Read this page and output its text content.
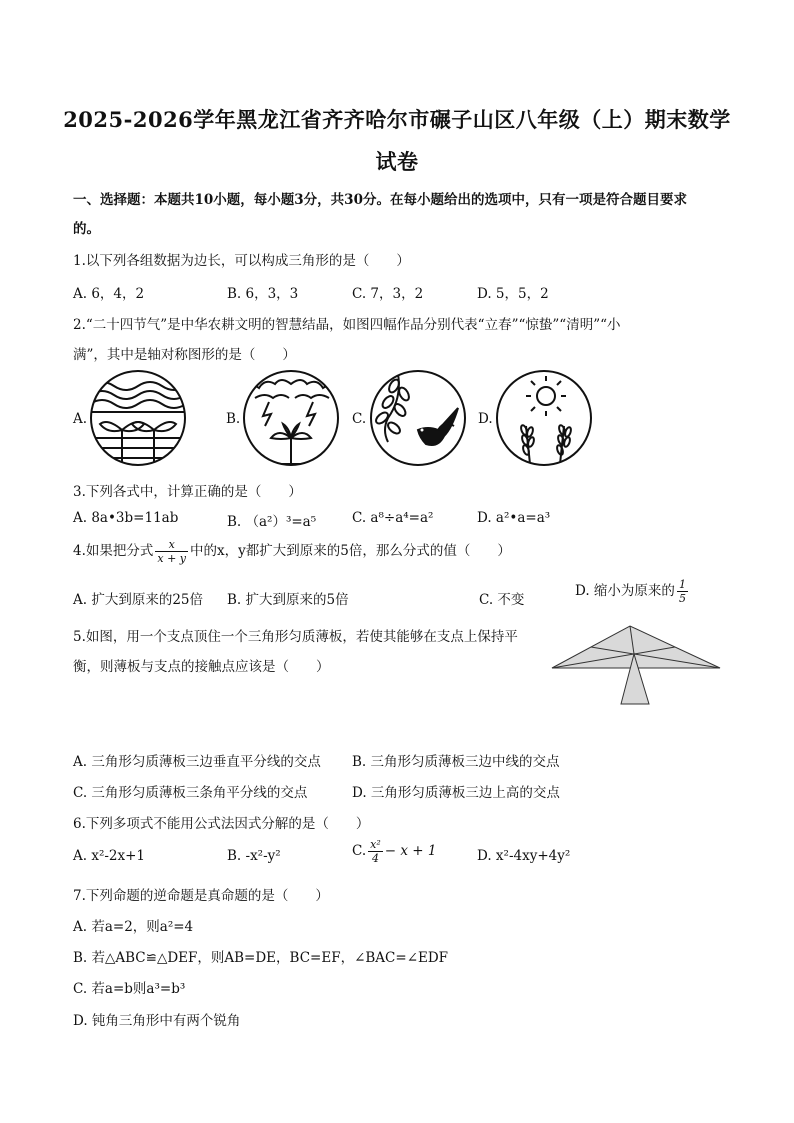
2025-2026学年黑龙江省齐齐哈尔市碾子山区八年级（上）期末数学
试卷
一、选择题：本题共10小题，每小题3分，共30分。在每小题给出的选项中，只有一项是符合题目要求
的。
1.以下列各组数据为边长，可以构成三角形的是（　　）
A. 6，4，2	B. 6，3，3	C. 7，3，2	D. 5，5，2
2.“二十四节气”是中华农耕文明的智慧结晶，如图四幅作品分别代表“立春”“惊蛰”“清明”“小
满”，其中是轴对称图形的是（　　）
A.	B.	C.	D.
3.下列各式中，计算正确的是（　　）
A. 8a•3b=11ab	B. （a²）³=a⁵	C. a⁸÷a⁴=a²	D. a²•a=a³
4.如果把分式 $\frac{x}{x + y}$ 中的x，y都扩大到原来的5倍，那么分式的值（　　）
A. 扩大到原来的25倍 B. 扩大到原来的5倍	C. 不变
D. 缩小为原来的 $\frac{1}{5}$
5.如图，用一个支点顶住一个三角形匀质薄板，若使其能够在支点上保持平
衡，则薄板与支点的接触点应该是（　　）
A. 三角形匀质薄板三边垂直平分线的交点 B. 三角形匀质薄板三边中线的交点
C. 三角形匀质薄板三条角平分线的交点	D. 三角形匀质薄板三边上高的交点
6.下列多项式不能用公式法因式分解的是（　　）
A. x²-2x+1	B. -x²-y²	C. $\frac{\text{x²}}{4} - x + 1$	D. x²-4xy+4y²
7.下列命题的逆命题是真命题的是（　　）
A. 若a=2，则a²=4
B. 若△ABC≌△DEF，则AB=DE，BC=EF，∠BAC=∠EDF
C. 若a=b则a³=b³
D. 钝角三角形中有两个锐角
